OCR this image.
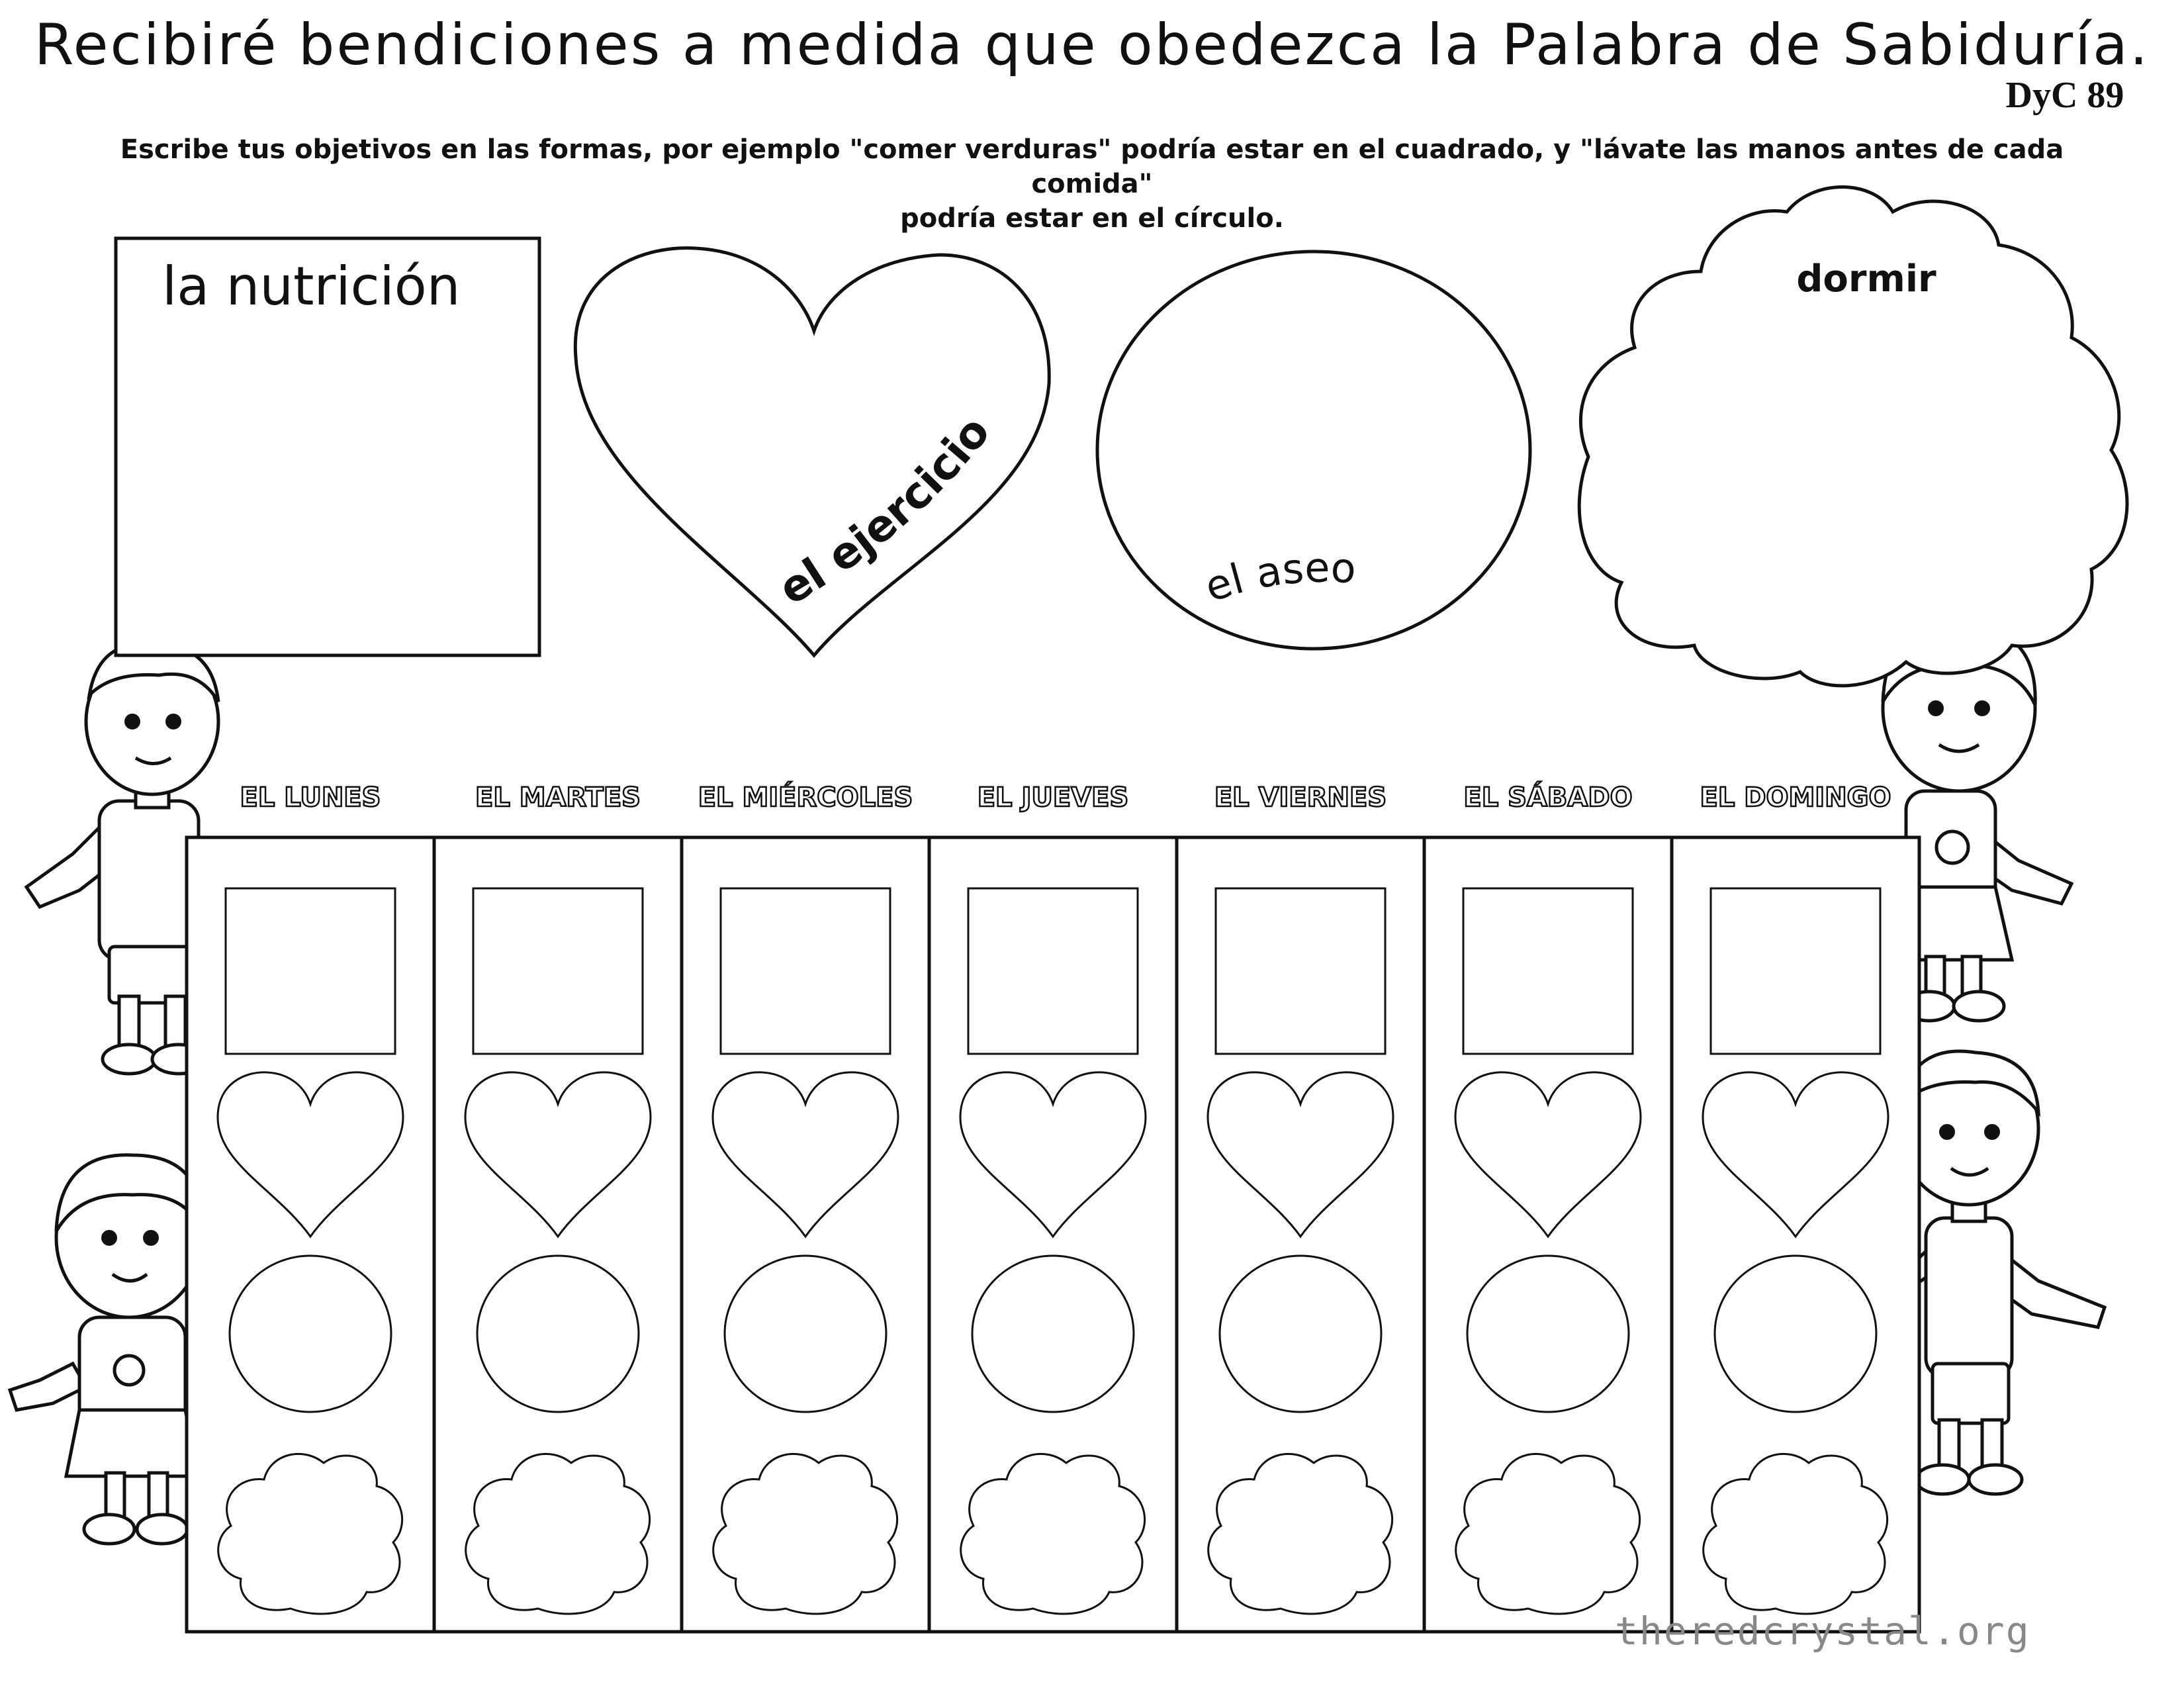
Recibiré bendiciones a medida que obedezca la Palabra de Sabiduría.
DyC 89
Escribe tus objetivos en las formas, por ejemplo "comer verduras" podría estar en el cuadrado, y "lávate las manos antes de cada comida"
podría estar en el círculo.
la nutrición
el ejercicio
el aseo
dormir
EL LUNES	EL MARTES EL MIÉRCOLES EL JUEVES	EL VIERNES	EL SÁBADO	EL DOMINGO
theredcrystal.org
